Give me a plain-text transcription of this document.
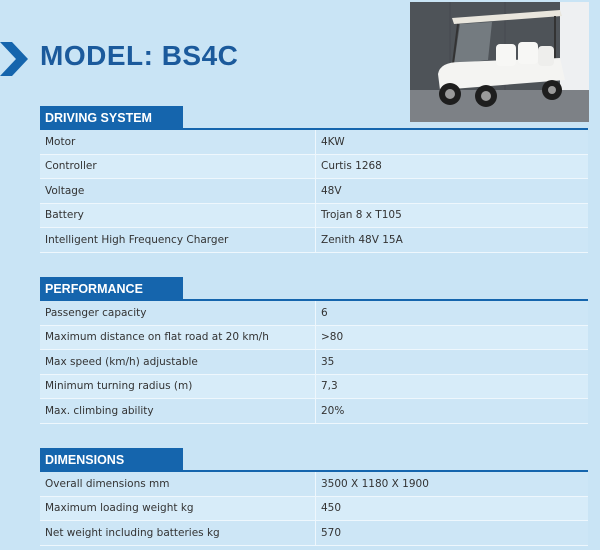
MODEL: BS4C
DRIVING SYSTEM
Motor	4KW
Controller	Curtis 1268
Voltage	48V
Battery	Trojan 8 x T105
Intelligent High Frequency Charger	Zenith 48V 15A
PERFORMANCE
Passenger capacity	6
Maximum distance on flat road at 20 km/h	>80
Max speed (km/h) adjustable	35
Minimum turning radius (m)	7,3
Max. climbing ability	20%
DIMENSIONS
Overall dimensions mm	3500 X 1180 X 1900
Maximum loading weight kg	450
Net weight including batteries kg	570
